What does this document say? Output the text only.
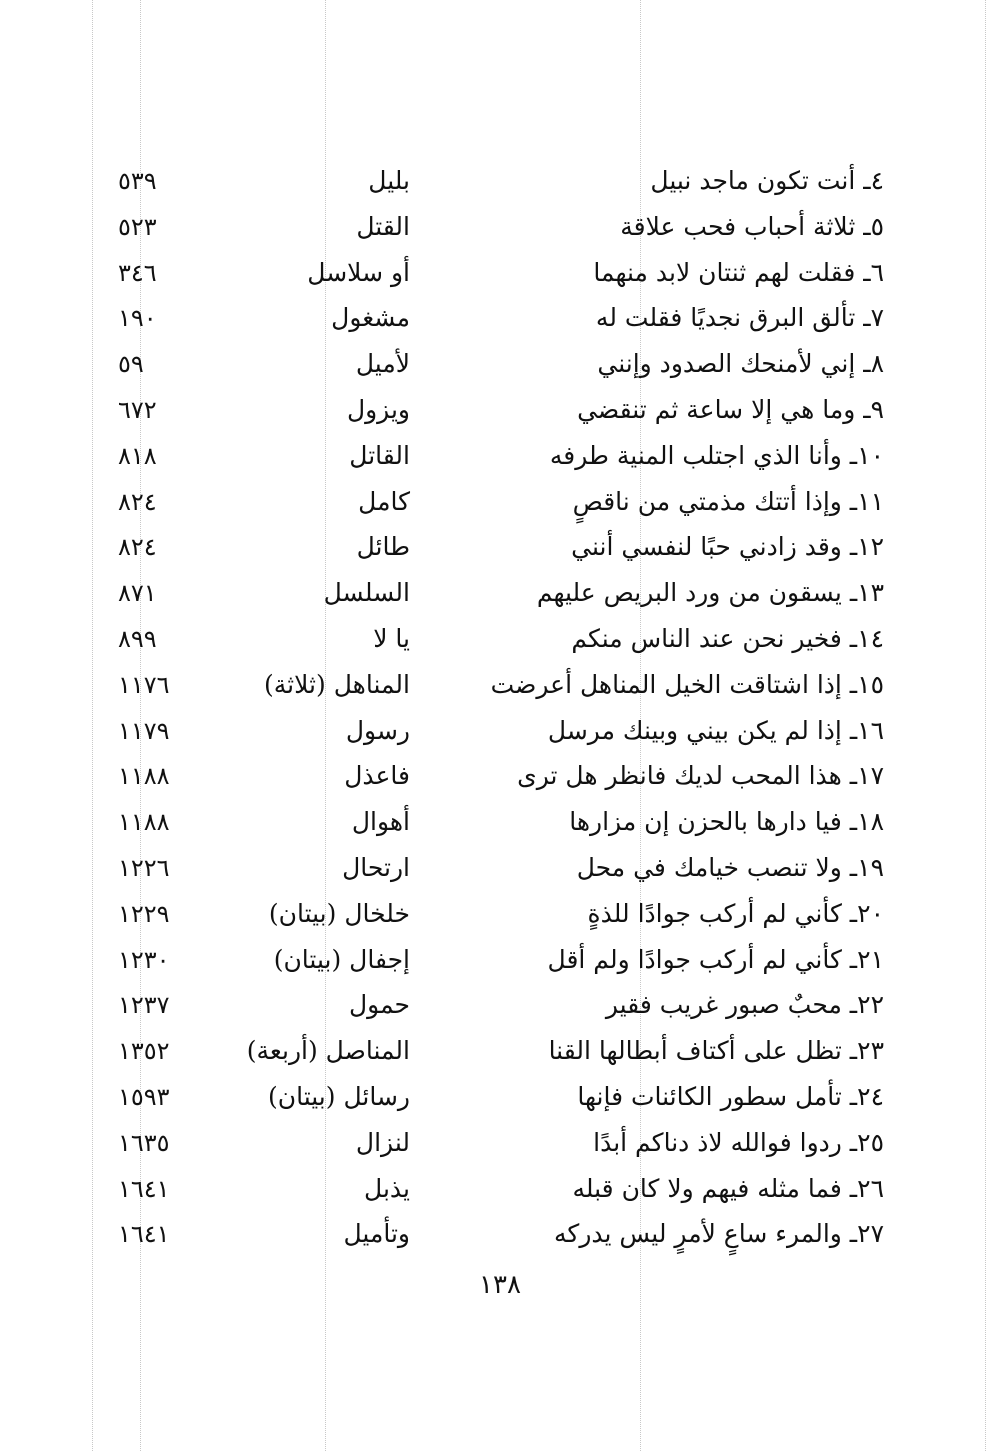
٤ـ أنت تكون ماجد نبيل
بليل
٥٣٩
٥ـ ثلاثة أحباب فحب علاقة
القتل
٥٢٣
٦ـ فقلت لهم ثنتان لابد منهما
أو سلاسل
٣٤٦
٧ـ تألق البرق نجديًا فقلت له
مشغول
١٩٠
٨ـ إني لأمنحك الصدود وإنني
لأميل
٥٩
٩ـ وما هي إلا ساعة ثم تنقضي
ويزول
٦٧٢
١٠ـ وأنا الذي اجتلب المنية طرفه
القاتل
٨١٨
١١ـ وإذا أتتك مذمتي من ناقصٍ
كامل
٨٢٤
١٢ـ وقد زادني حبًا لنفسي أنني
طائل
٨٢٤
١٣ـ يسقون من ورد البريص عليهم
السلسل
٨٧١
١٤ـ فخير نحن عند الناس منكم
يا لا
٨٩٩
١٥ـ إذا اشتاقت الخيل المناهل أعرضت
المناهل (ثلاثة)
١١٧٦
١٦ـ إذا لم يكن بيني وبينك مرسل
رسول
١١٧٩
١٧ـ هذا المحب لديك فانظر هل ترى
فاعذل
١١٨٨
١٨ـ فيا دارها بالحزن إن مزارها
أهوال
١١٨٨
١٩ـ ولا تنصب خيامك في محل
ارتحال
١٢٢٦
٢٠ـ كأني لم أركب جوادًا للذةٍ
خلخال (بيتان)
١٢٢٩
٢١ـ كأني لم أركب جوادًا ولم أقل
إجفال (بيتان)
١٢٣٠
٢٢ـ محبٌ صبور غريب فقير
حمول
١٢٣٧
٢٣ـ تظل على أكتاف أبطالها القنا
المناصل (أربعة)
١٣٥٢
٢٤ـ تأمل سطور الكائنات فإنها
رسائل (بيتان)
١٥٩٣
٢٥ـ ردوا فوالله لاذ دناكم أبدًا
لنزال
١٦٣٥
٢٦ـ فما مثله فيهم ولا كان قبله
يذبل
١٦٤١
٢٧ـ والمرء ساعٍ لأمرٍ ليس يدركه
وتأميل
١٦٤١
١٣٨
